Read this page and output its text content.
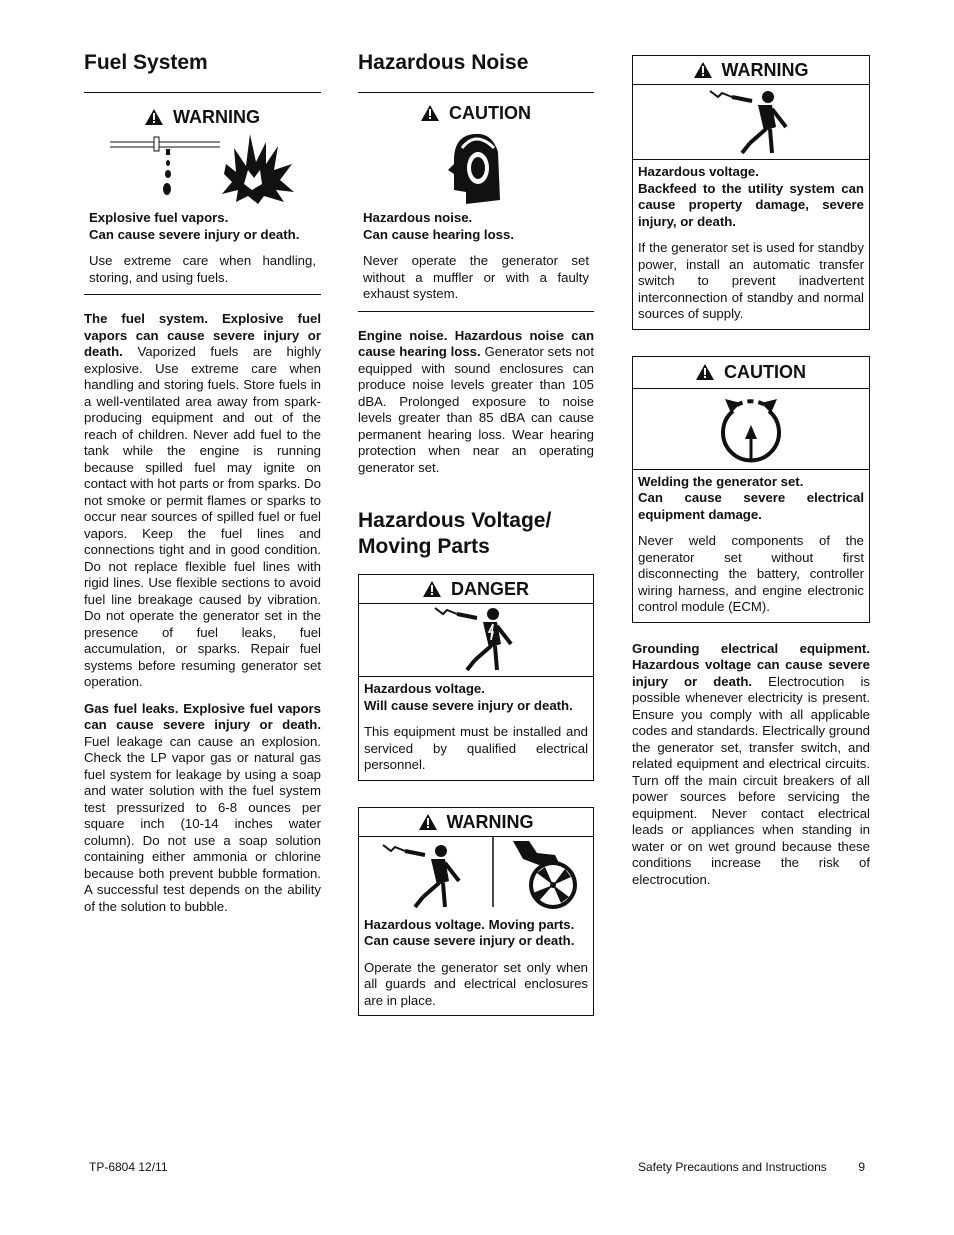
Fuel System
WARNING
Explosive fuel vapors.
Can cause severe injury or death.

Use extreme care when handling, storing, and using fuels.

The fuel system. Explosive fuel vapors can cause severe injury or death. Vaporized fuels are highly explosive. Use extreme care when handling and storing fuels. Store fuels in a well-ventilated area away from spark-producing equipment and out of the reach of children. Never add fuel to the tank while the engine is running because spilled fuel may ignite on contact with hot parts or from sparks. Do not smoke or permit flames or sparks to occur near sources of spilled fuel or fuel vapors. Keep the fuel lines and connections tight and in good condition. Do not replace flexible fuel lines with rigid lines. Use flexible sections to avoid fuel line breakage caused by vibration. Do not operate the generator set in the presence of fuel leaks, fuel accumulation, or sparks. Repair fuel systems before resuming generator set operation.

Gas fuel leaks. Explosive fuel vapors can cause severe injury or death. Fuel leakage can cause an explosion. Check the LP vapor gas or natural gas fuel system for leakage by using a soap and water solution with the fuel system test pressurized to 6-8 ounces per square inch (10-14 inches water column). Do not use a soap solution containing either ammonia or chlorine because both prevent bubble formation. A successful test depends on the ability of the solution to bubble.

Hazardous Noise
CAUTION
Hazardous noise.
Can cause hearing loss.

Never operate the generator set without a muffler or with a faulty exhaust system.

Engine noise. Hazardous noise can cause hearing loss. Generator sets not equipped with sound enclosures can produce noise levels greater than 105 dBA. Prolonged exposure to noise levels greater than 85 dBA can cause permanent hearing loss. Wear hearing protection when near an operating generator set.

Hazardous Voltage/
Moving Parts
DANGER
Hazardous voltage.
Will cause severe injury or death.

This equipment must be installed and serviced by qualified electrical personnel.

WARNING
Hazardous voltage. Moving parts.
Can cause severe injury or death.

Operate the generator set only when all guards and electrical enclosures are in place.

WARNING
Hazardous voltage.
Backfeed to the utility system can cause property damage, severe injury, or death.

If the generator set is used for standby power, install an automatic transfer switch to prevent inadvertent interconnection of standby and normal sources of supply.

CAUTION
Welding the generator set.
Can cause severe electrical equipment damage.

Never weld components of the generator set without first disconnecting the battery, controller wiring harness, and engine electronic control module (ECM).

Grounding electrical equipment. Hazardous voltage can cause severe injury or death. Electrocution is possible whenever electricity is present. Ensure you comply with all applicable codes and standards. Electrically ground the generator set, transfer switch, and related equipment and electrical circuits. Turn off the main circuit breakers of all power sources before servicing the equipment. Never contact electrical leads or appliances when standing in water or on wet ground because these conditions increase the risk of electrocution.

TP-6804 12/11	Safety Precautions and Instructions	9
